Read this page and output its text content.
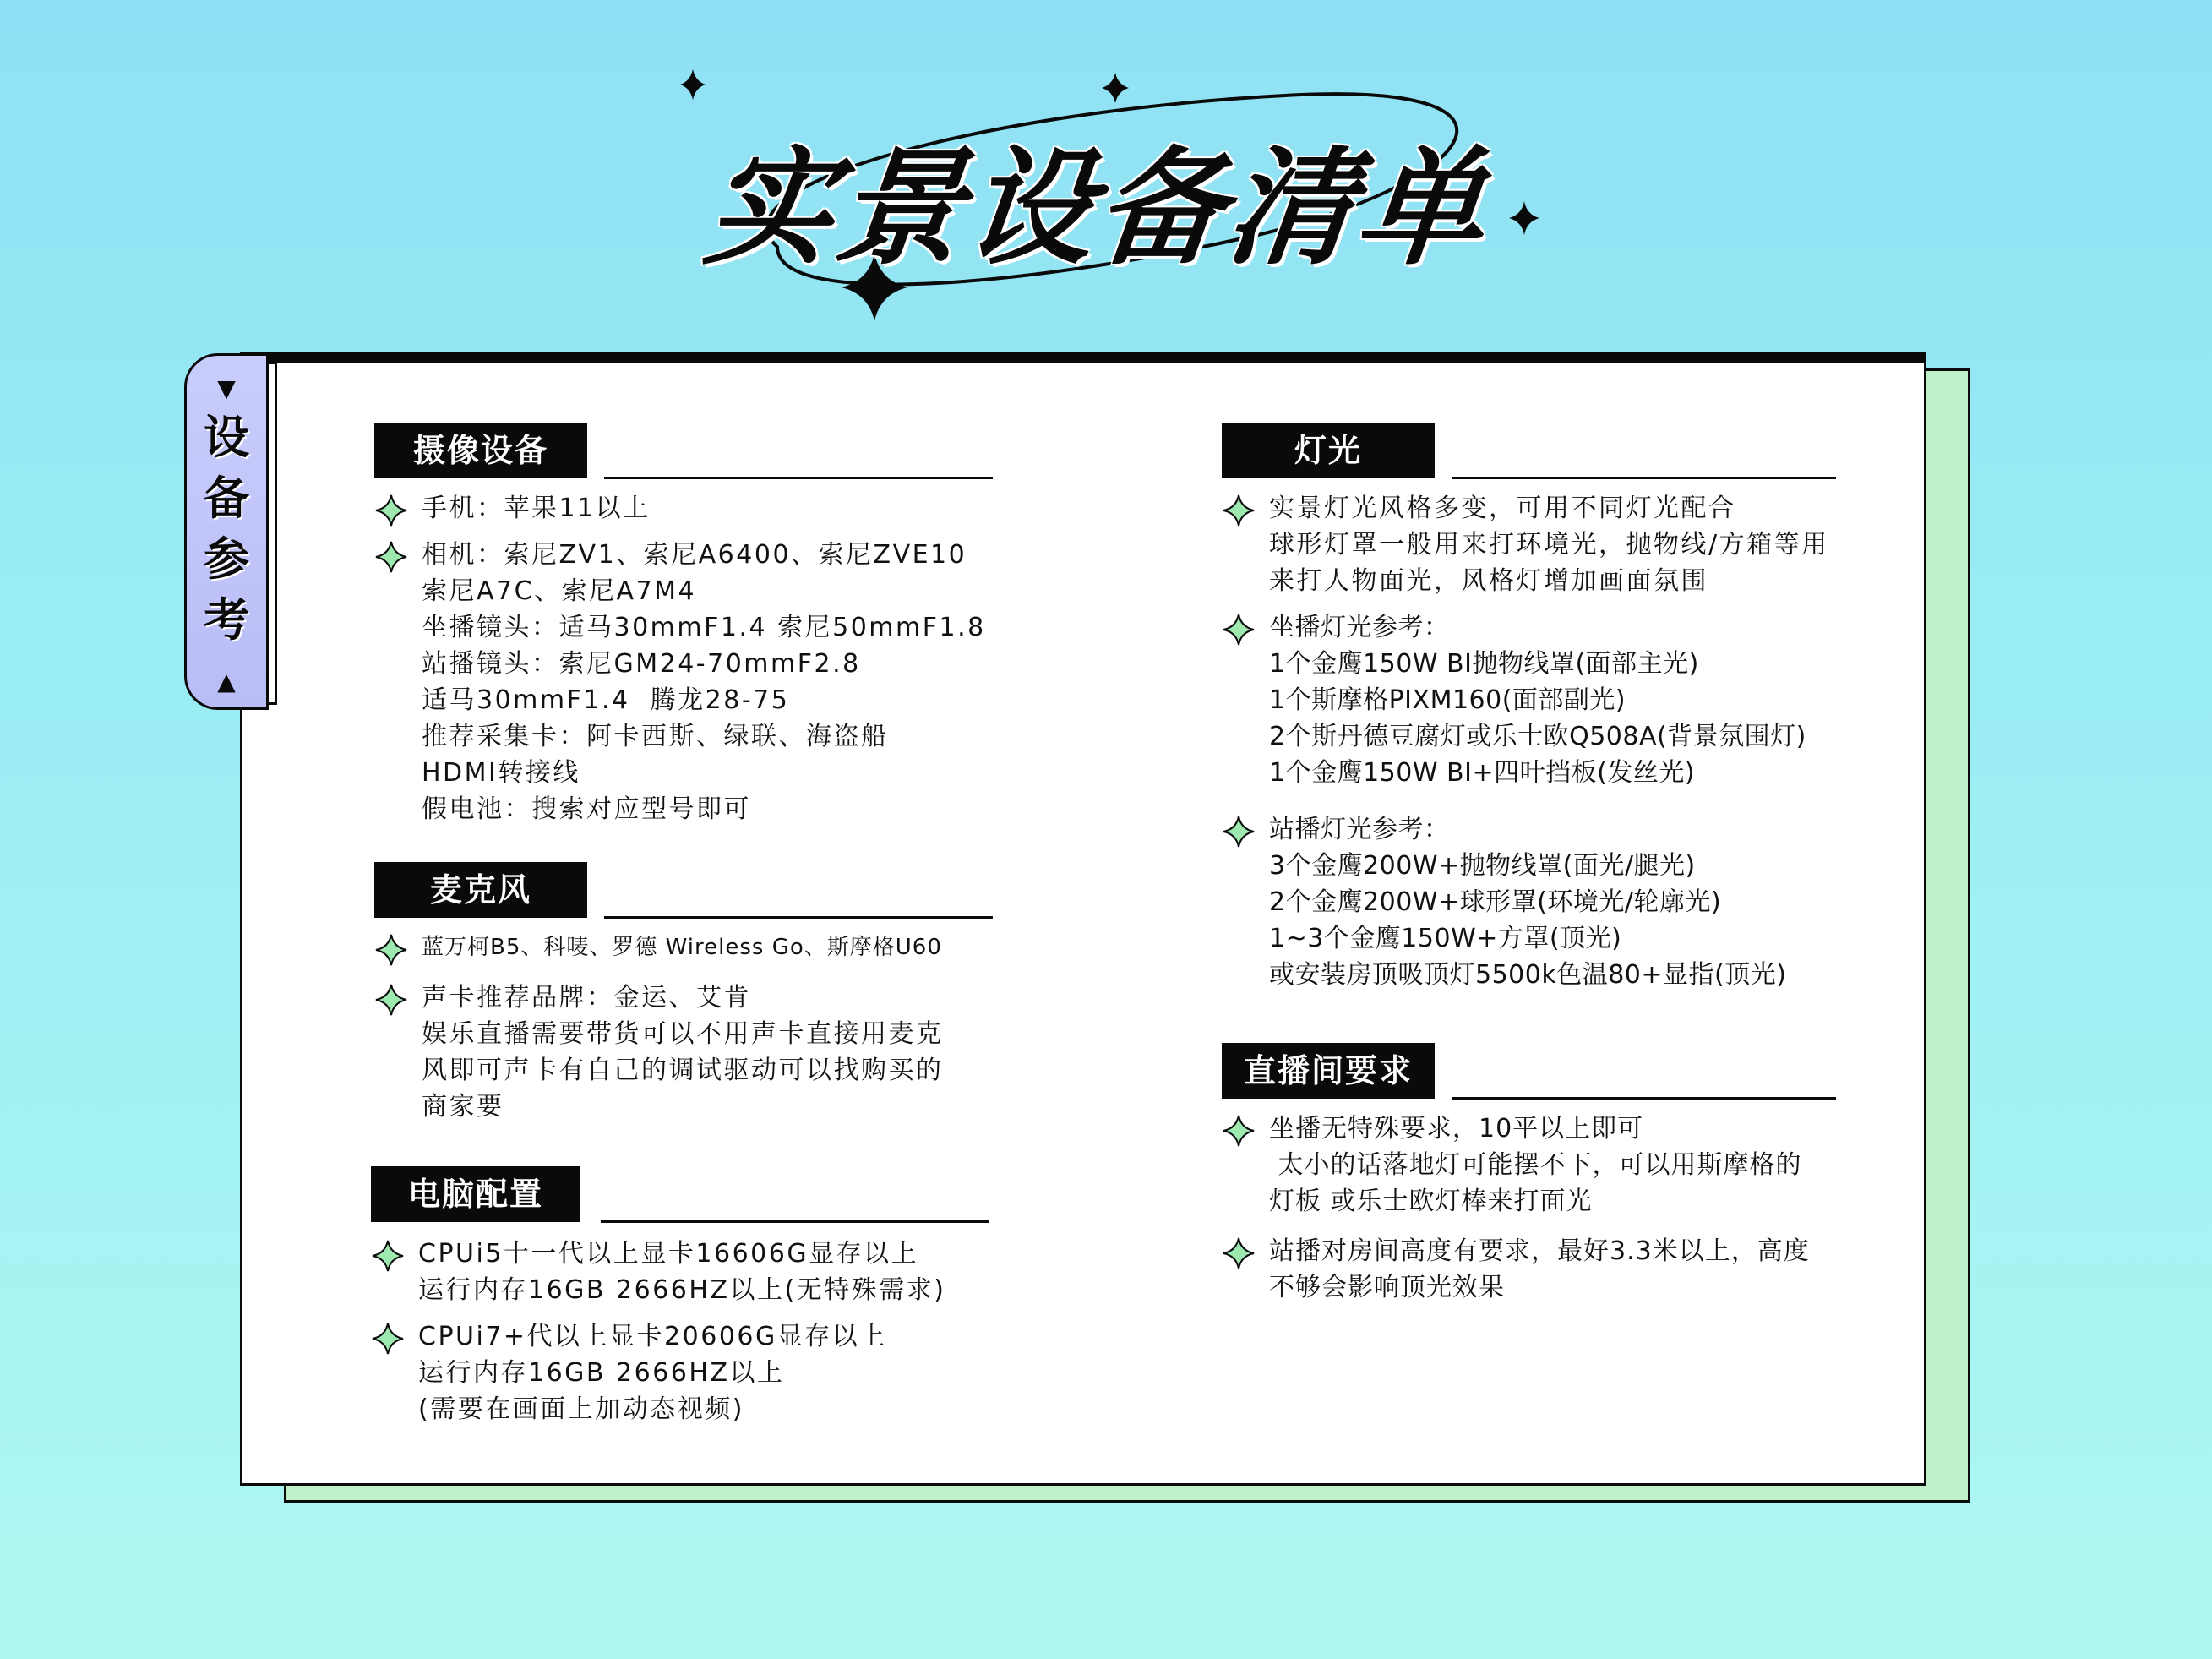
实景设备清单
▼
设
备
参
考
▲
摄像设备
手机：苹果11以上
相机：索尼ZV1、索尼A6400、索尼ZVE10
索尼A7C、索尼A7M4
坐播镜头：适马30mmF1.4 索尼50mmF1.8
站播镜头：索尼GM24-70mmF2.8
适马30mmF1.4  腾龙28-75
推荐采集卡：阿卡西斯、绿联、海盗船
HDMI转接线
假电池：搜索对应型号即可
麦克风
蓝万柯B5、科唛、罗德 Wireless Go、斯摩格U60
声卡推荐品牌：金运、艾肯
娱乐直播需要带货可以不用声卡直接用麦克
风即可声卡有自己的调试驱动可以找购买的
商家要
电脑配置
CPUi5十一代以上显卡16606G显存以上
运行内存16GB 2666HZ以上(无特殊需求)
CPUi7+代以上显卡20606G显存以上
运行内存16GB 2666HZ以上
(需要在画面上加动态视频)
灯光
实景灯光风格多变，可用不同灯光配合
球形灯罩一般用来打环境光，抛物线/方箱等用
来打人物面光，风格灯增加画面氛围
坐播灯光参考：
1个金鹰150W BI抛物线罩(面部主光)
1个斯摩格PIXM160(面部副光)
2个斯丹德豆腐灯或乐士欧Q508A(背景氛围灯)
1个金鹰150W BI+四叶挡板(发丝光)
站播灯光参考：
3个金鹰200W+抛物线罩(面光/腿光)
2个金鹰200W+球形罩(环境光/轮廓光)
1~3个金鹰150W+方罩(顶光)
或安装房顶吸顶灯5500k色温80+显指(顶光)
直播间要求
坐播无特殊要求，10平以上即可
太小的话落地灯可能摆不下，可以用斯摩格的
灯板 或乐士欧灯棒来打面光
站播对房间高度有要求，最好3.3米以上，高度
不够会影响顶光效果
